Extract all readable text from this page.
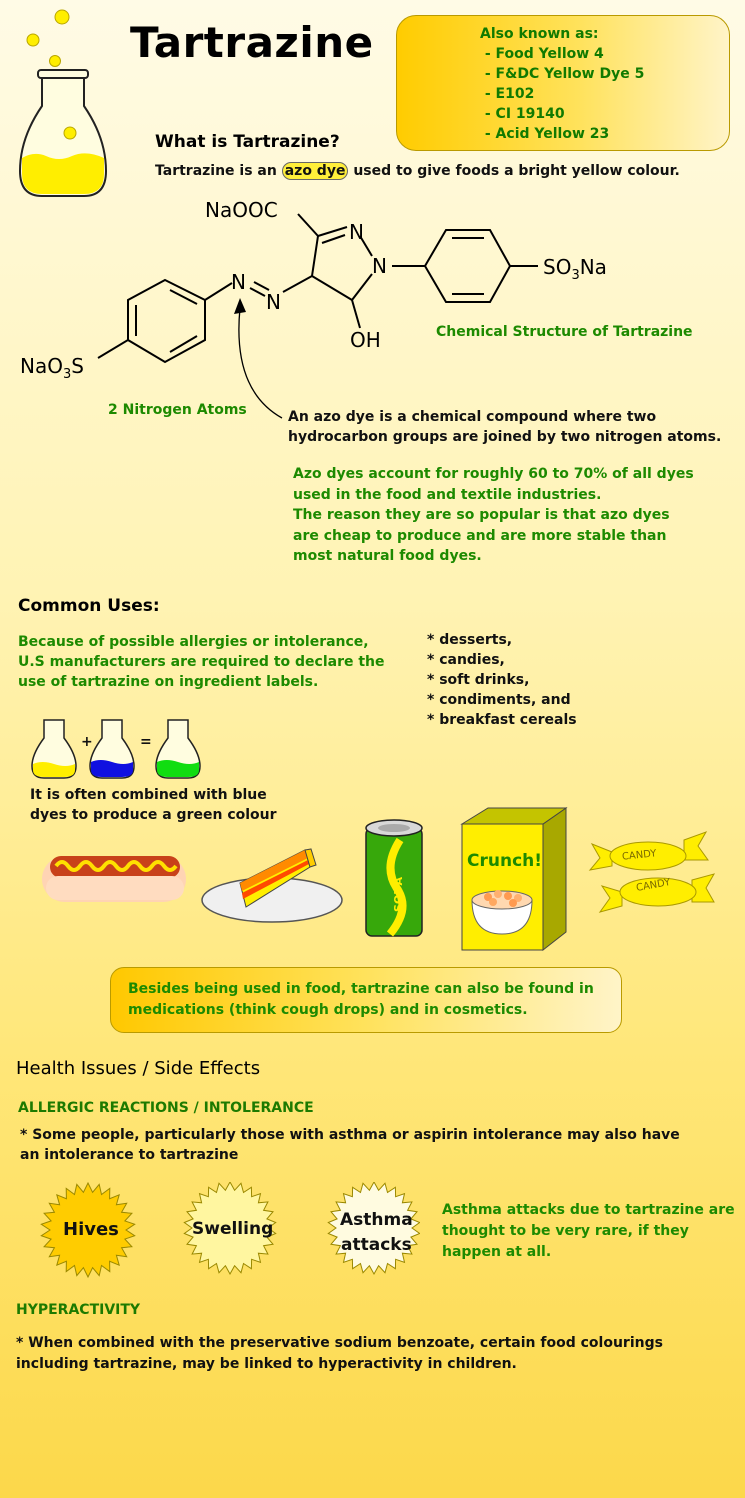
Tartrazine	Also known as:
- Food Yellow 4
- F&DC Yellow Dye 5
- E102
- CI 19140
- Acid Yellow 23
What is Tartrazine?
Tartrazine is an azo dye used to give foods a bright yellow colour.
NaOOC
N
N
N
N
OH
NaO$_3$S
$SO_3Na$
Chemical Structure of Tartrazine
2 Nitrogen Atoms	An azo dye is a chemical compound where two
hydrocarbon groups are joined by two nitrogen atoms.
Azo dyes account for roughly 60 to 70% of all dyes
used in the food and textile industries.
The reason they are so popular is that azo dyes
are cheap to produce and are more stable than
most natural food dyes.
Common Uses:
Because of possible allergies or intolerance,
U.S manufacturers are required to declare the
use of tartrazine on ingredient labels.
* desserts,
* candies,
* soft drinks,
* condiments, and
* breakfast cereals
+	=
It is often combined with blue
dyes to produce a green colour
SODA
Crunch!	CANDY
CANDY
Besides being used in food, tartrazine can also be found in
medications (think cough drops) and in cosmetics.
Health Issues / Side Effects
ALLERGIC REACTIONS / INTOLERANCE
* Some people, particularly those with asthma or aspirin intolerance may also have
an intolerance to tartrazine
Hives	Swelling	Asthma
attacks
Asthma attacks due to tartrazine are
thought to be very rare, if they
happen at all.
HYPERACTIVITY
* When combined with the preservative sodium benzoate, certain food colourings
including tartrazine, may be linked to hyperactivity in children.
